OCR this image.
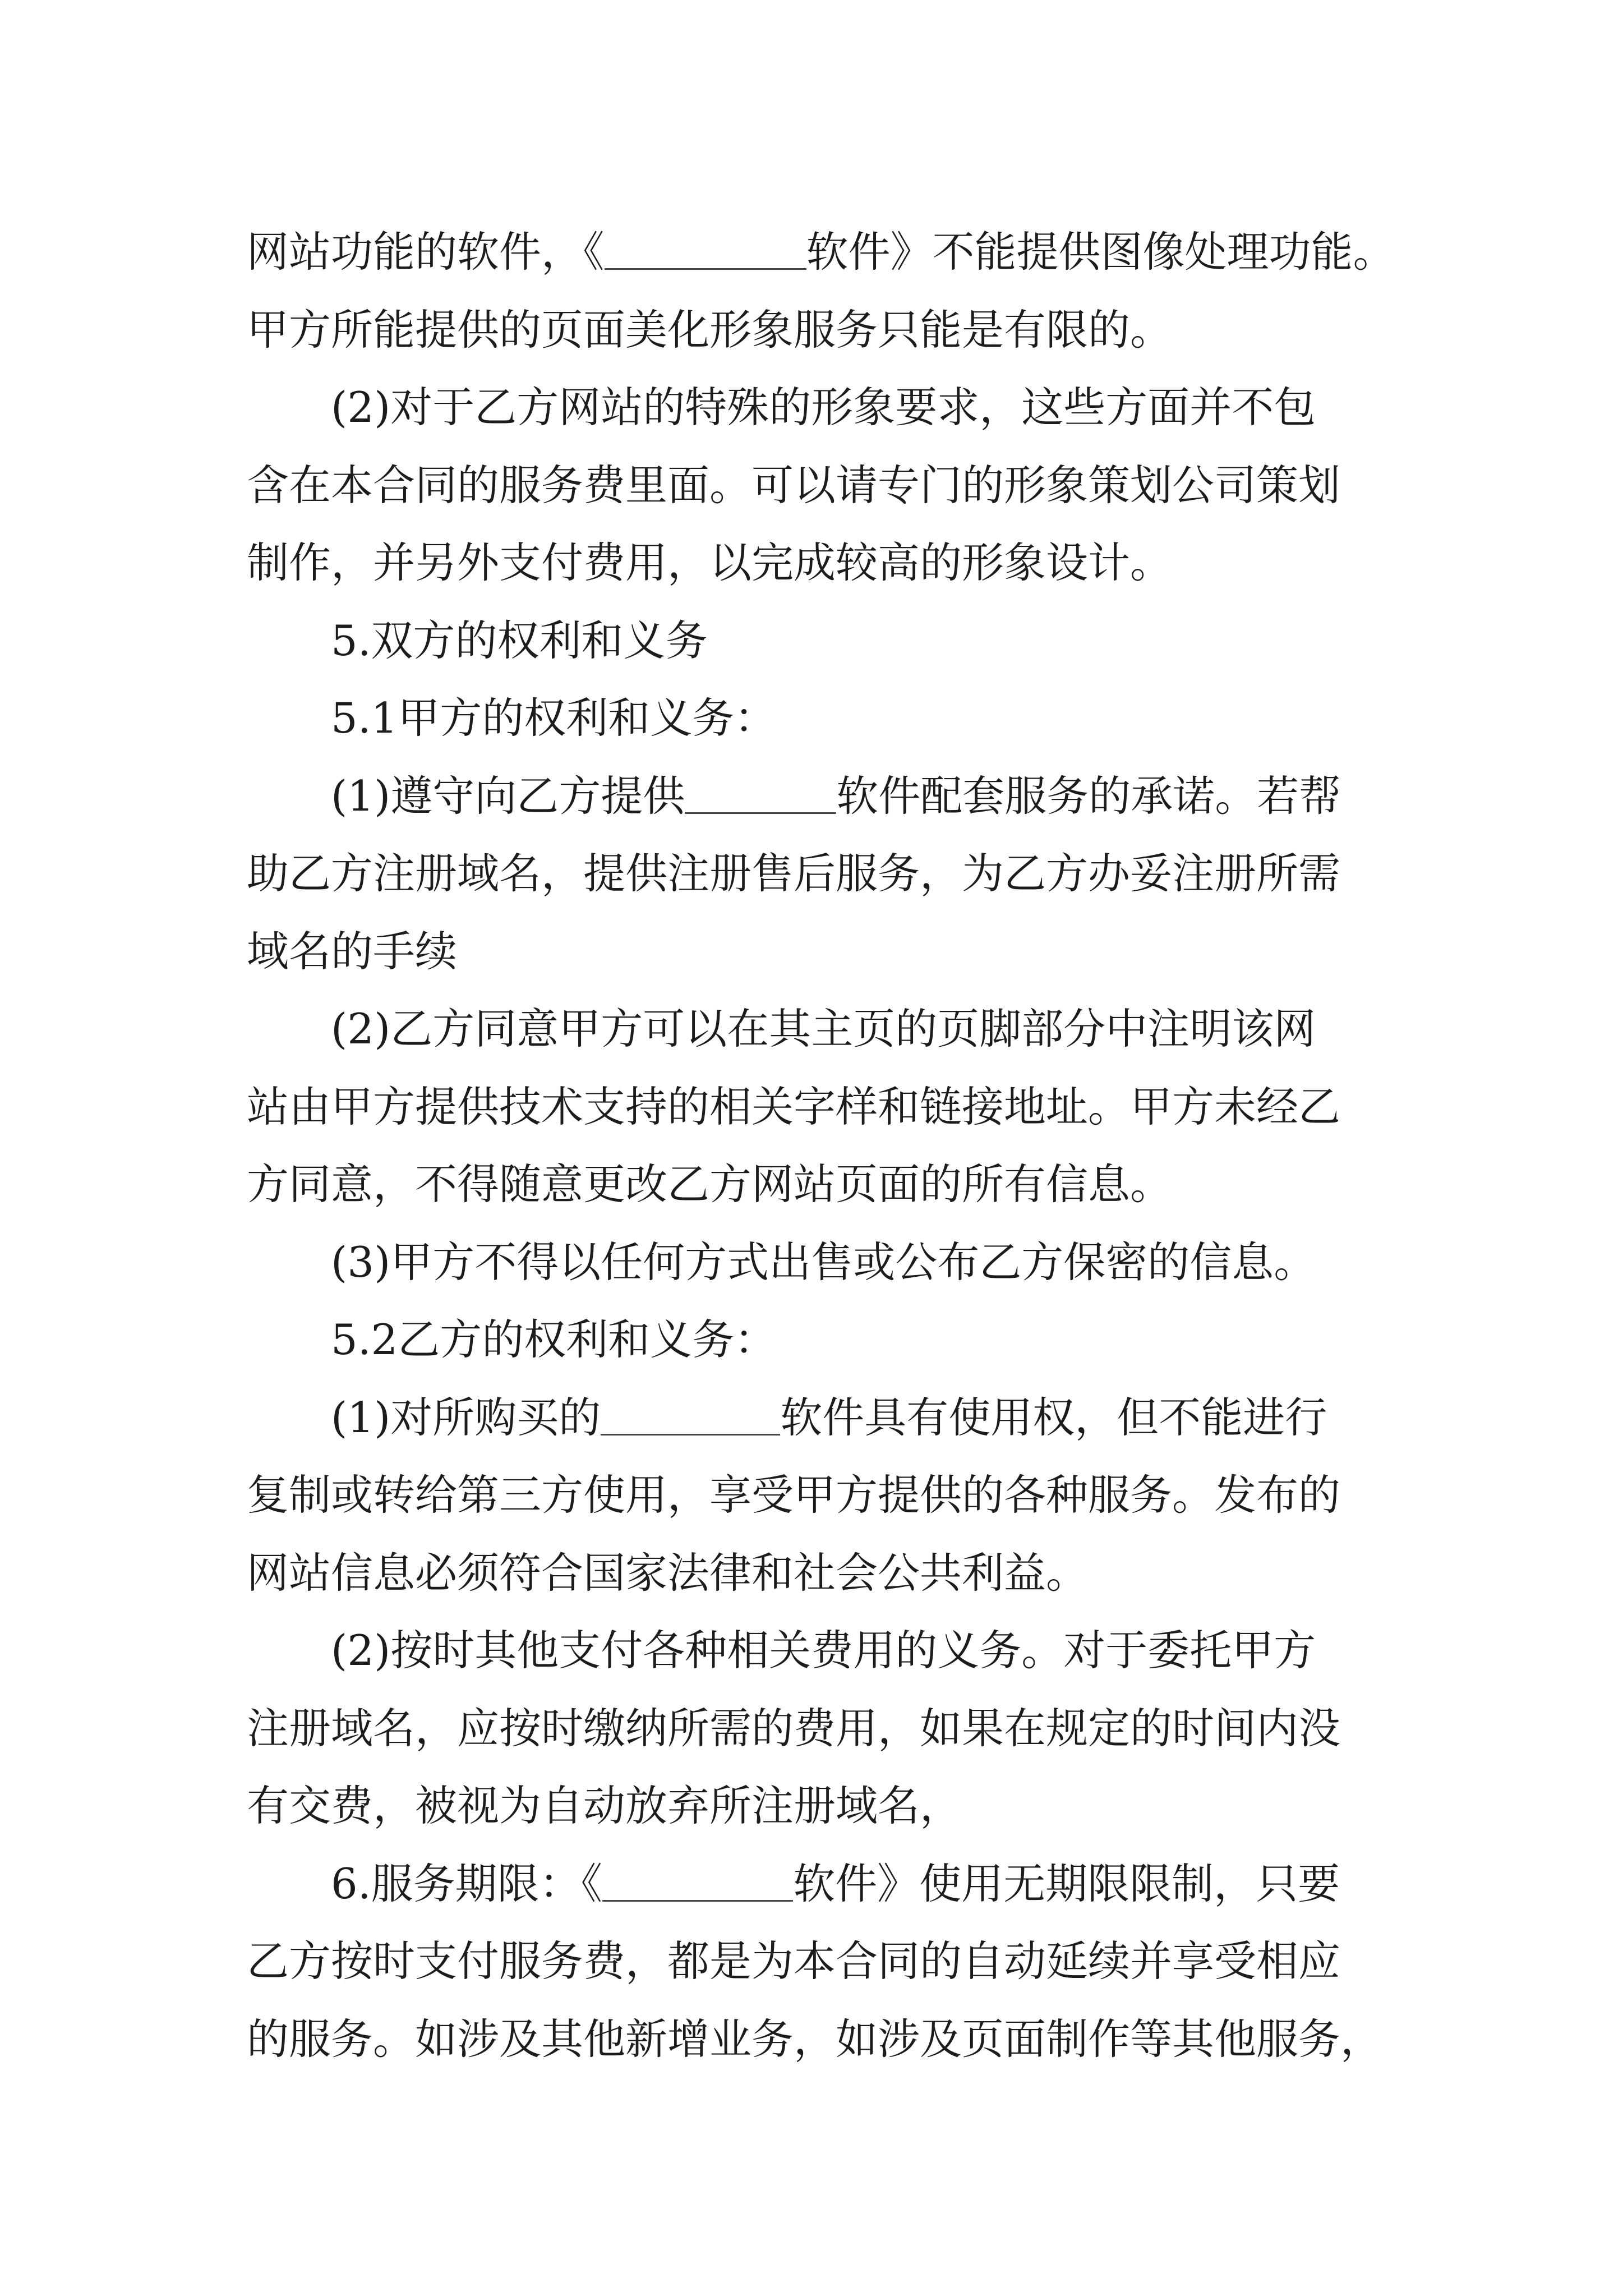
网站功能的软件，《	软件》不能提供图像处理功能。
甲方所能提供的页面美化形象服务只能是有限的。
(2)对于乙方网站的特殊的形象要求，这些方面并不包
含在本合同的服务费里面。可以请专门的形象策划公司策划
制作，并另外支付费用，以完成较高的形象设计。
5.双方的权利和义务
5.1甲方的权利和义务：
(1)遵守向乙方提供	软件配套服务的承诺。若帮
助乙方注册域名，提供注册售后服务，为乙方办妥注册所需
域名的手续
(2)乙方同意甲方可以在其主页的页脚部分中注明该网
站由甲方提供技术支持的相关字样和链接地址。甲方未经乙
方同意，不得随意更改乙方网站页面的所有信息。
(3)甲方不得以任何方式出售或公布乙方保密的信息。
5.2乙方的权利和义务：
(1)对所购买的	软件具有使用权，但不能进行
复制或转给第三方使用，享受甲方提供的各种服务。发布的
网站信息必须符合国家法律和社会公共利益。
(2)按时其他支付各种相关费用的义务。对于委托甲方
注册域名，应按时缴纳所需的费用，如果在规定的时间内没
有交费，被视为自动放弃所注册域名，
6.服务期限：《	软件》使用无期限限制，只要
乙方按时支付服务费，都是为本合同的自动延续并享受相应
的服务。如涉及其他新增业务，如涉及页面制作等其他服务，
